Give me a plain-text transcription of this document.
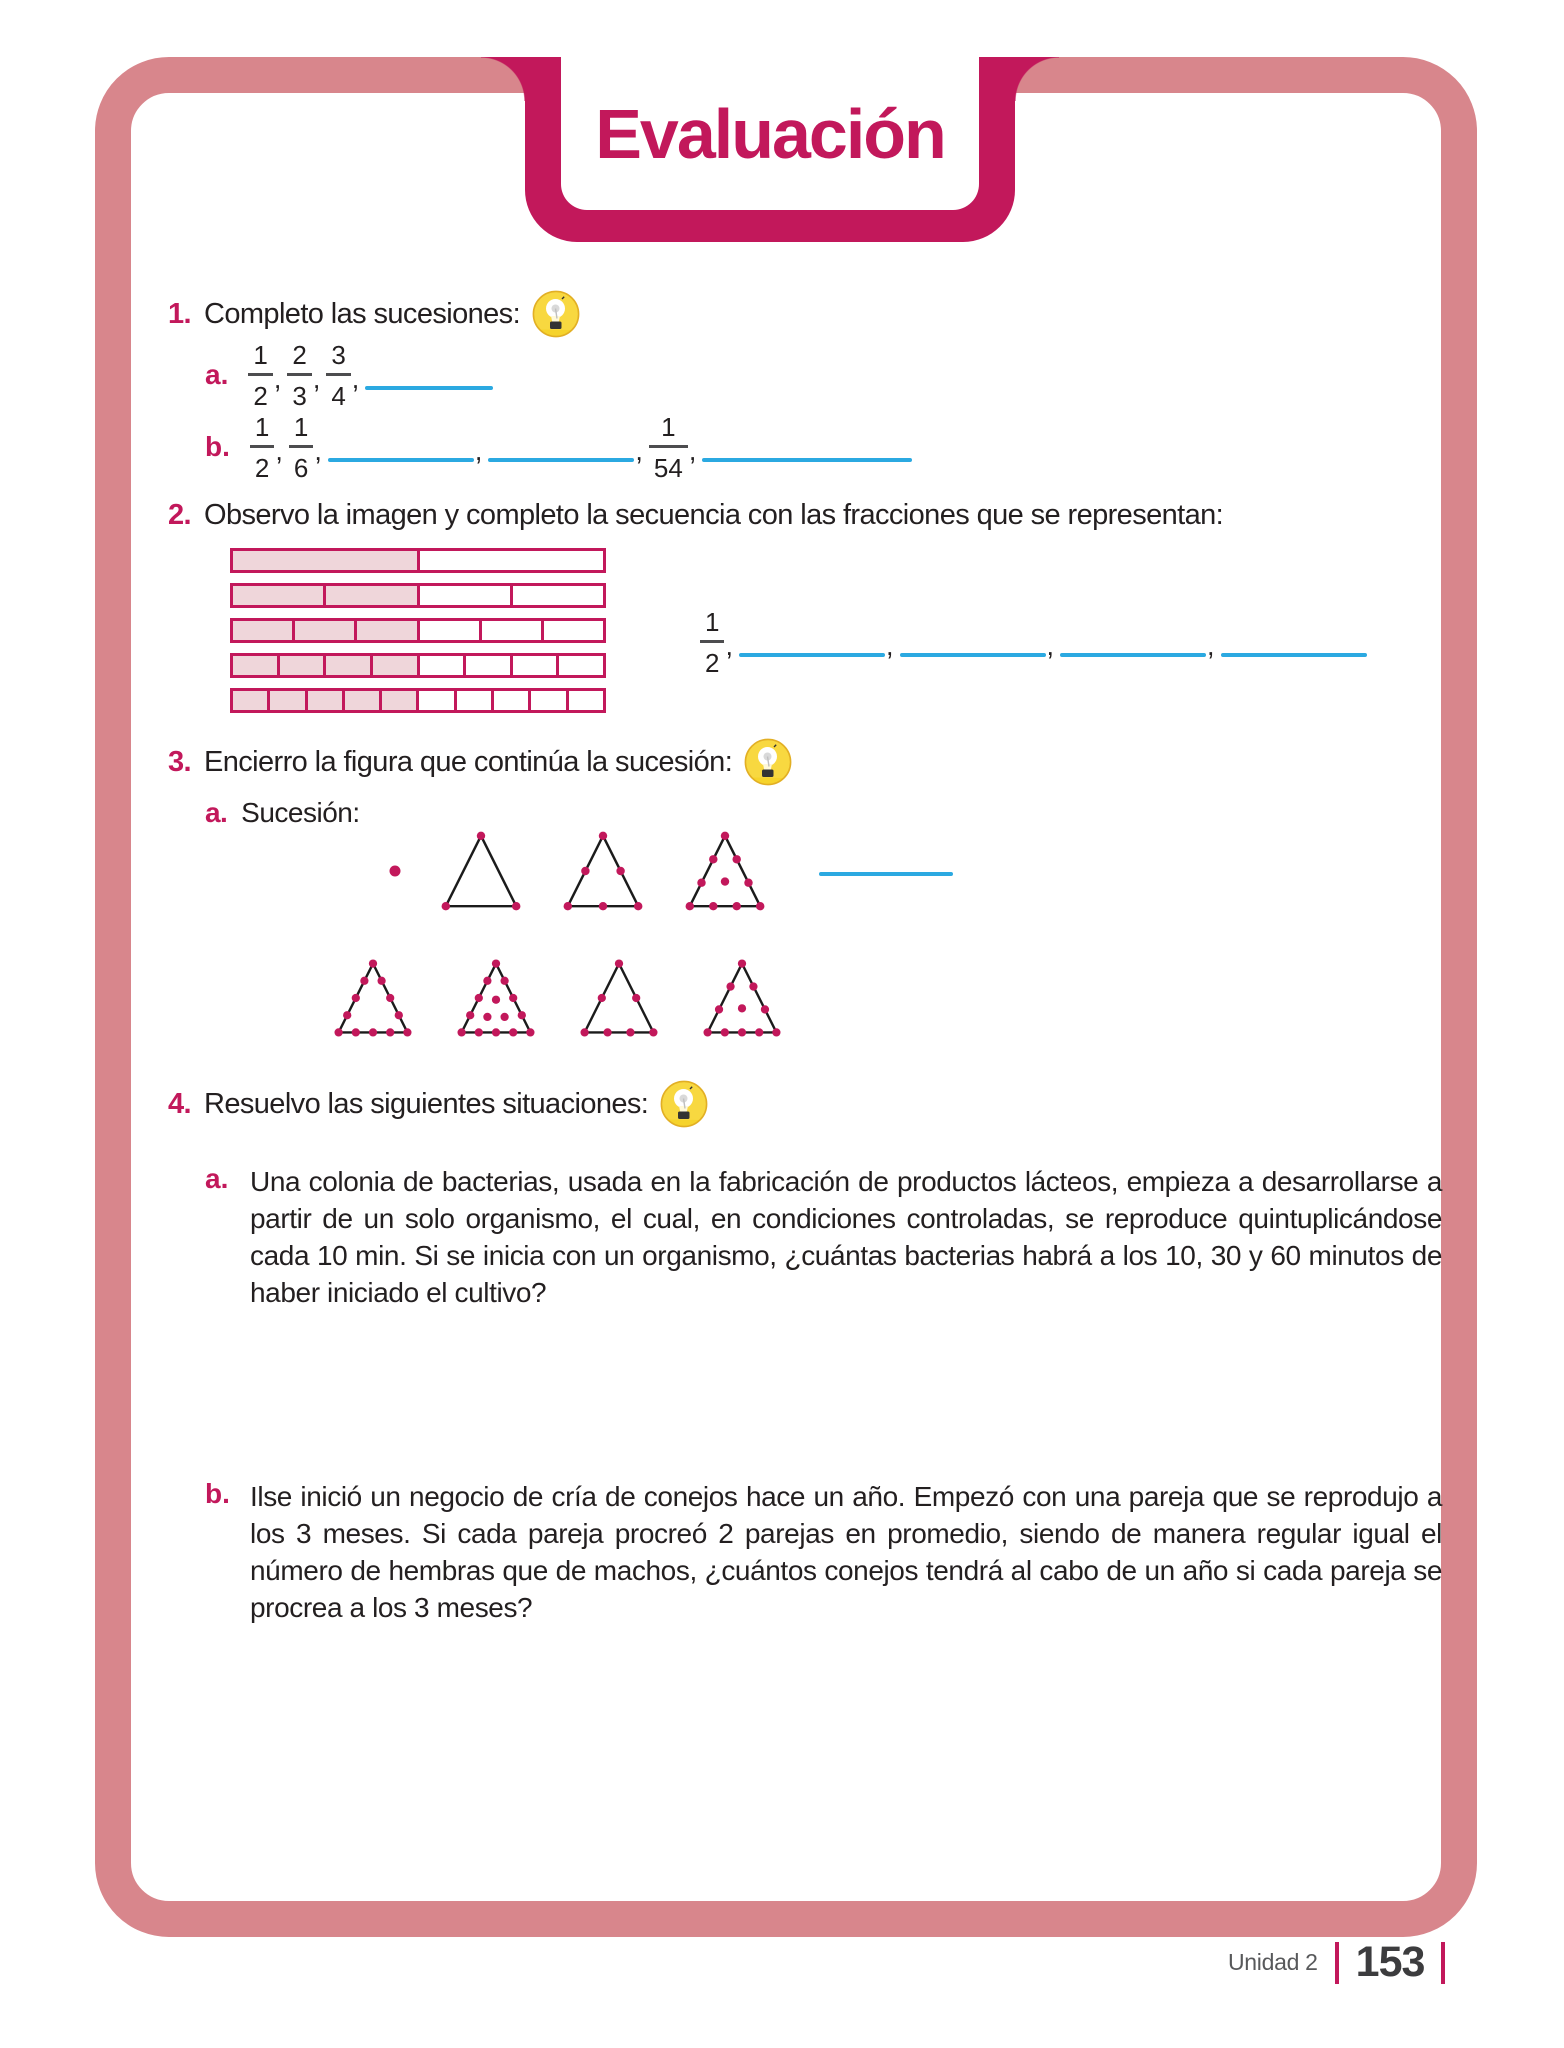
Evaluación
1. Completo las sucesiones:
a. $\frac{1}{2}$ , $\frac{2}{3}$ , $\frac{3}{4}$ ,
b. $\frac{1}{2}$ , $\frac{1}{6}$ ,	,	, $\frac{1}{54}$ ,
2. Observo la imagen y completo la secuencia con las fracciones que se representan:
$\frac{1}{2}$ ,	,	,	,
3. Encierro la figura que continúa la sucesión:
a. Sucesión:
4. Resuelvo las siguientes situaciones:
a. Una colonia de bacterias, usada en la fabricación de productos lácteos, empieza a desarrollarse a partir de un solo organismo, el cual, en condiciones controladas, se reproduce quintuplicándose cada 10 min. Si se inicia con un organismo, ¿cuántas bacterias habrá a los 10, 30 y 60 minutos de haber iniciado el cultivo?
b. Ilse inició un negocio de cría de conejos hace un año. Empezó con una pareja que se reprodujo a los 3 meses. Si cada pareja procreó 2 parejas en promedio, siendo de manera regular igual el número de hembras que de machos, ¿cuántos conejos tendrá al cabo de un año si cada pareja se procrea a los 3 meses?
Unidad 2 153
